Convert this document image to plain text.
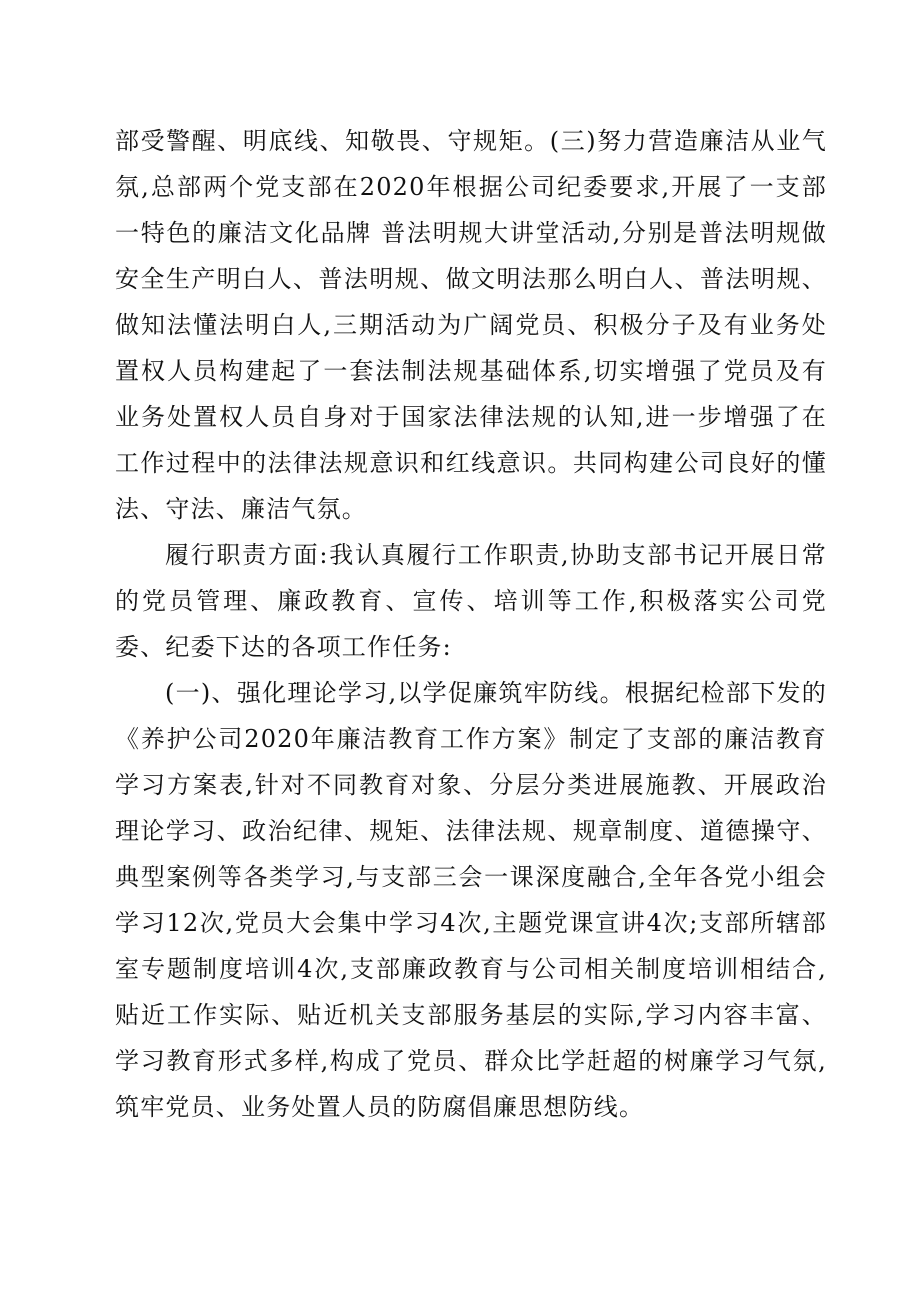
部受警醒、明底线、知敬畏、守规矩。(三)努力营造廉洁从业气氛,总部两个党支部在2020年根据公司纪委要求,开展了一支部一特色的廉洁文化品牌 普法明规大讲堂活动,分别是普法明规做安全生产明白人、普法明规、做文明法那么明白人、普法明规、做知法懂法明白人,三期活动为广阔党员、积极分子及有业务处置权人员构建起了一套法制法规基础体系,切实增强了党员及有业务处置权人员自身对于国家法律法规的认知,进一步增强了在工作过程中的法律法规意识和红线意识。共同构建公司良好的懂法、守法、廉洁气氛。

履行职责方面:我认真履行工作职责,协助支部书记开展日常的党员管理、廉政教育、宣传、培训等工作,积极落实公司党委、纪委下达的各项工作任务:

(一)、强化理论学习,以学促廉筑牢防线。根据纪检部下发的《养护公司2020年廉洁教育工作方案》制定了支部的廉洁教育学习方案表,针对不同教育对象、分层分类进展施教、开展政治理论学习、政治纪律、规矩、法律法规、规章制度、道德操守、典型案例等各类学习,与支部三会一课深度融合,全年各党小组会学习12次,党员大会集中学习4次,主题党课宣讲4次;支部所辖部室专题制度培训4次,支部廉政教育与公司相关制度培训相结合,贴近工作实际、贴近机关支部服务基层的实际,学习内容丰富、学习教育形式多样,构成了党员、群众比学赶超的树廉学习气氛,筑牢党员、业务处置人员的防腐倡廉思想防线。
